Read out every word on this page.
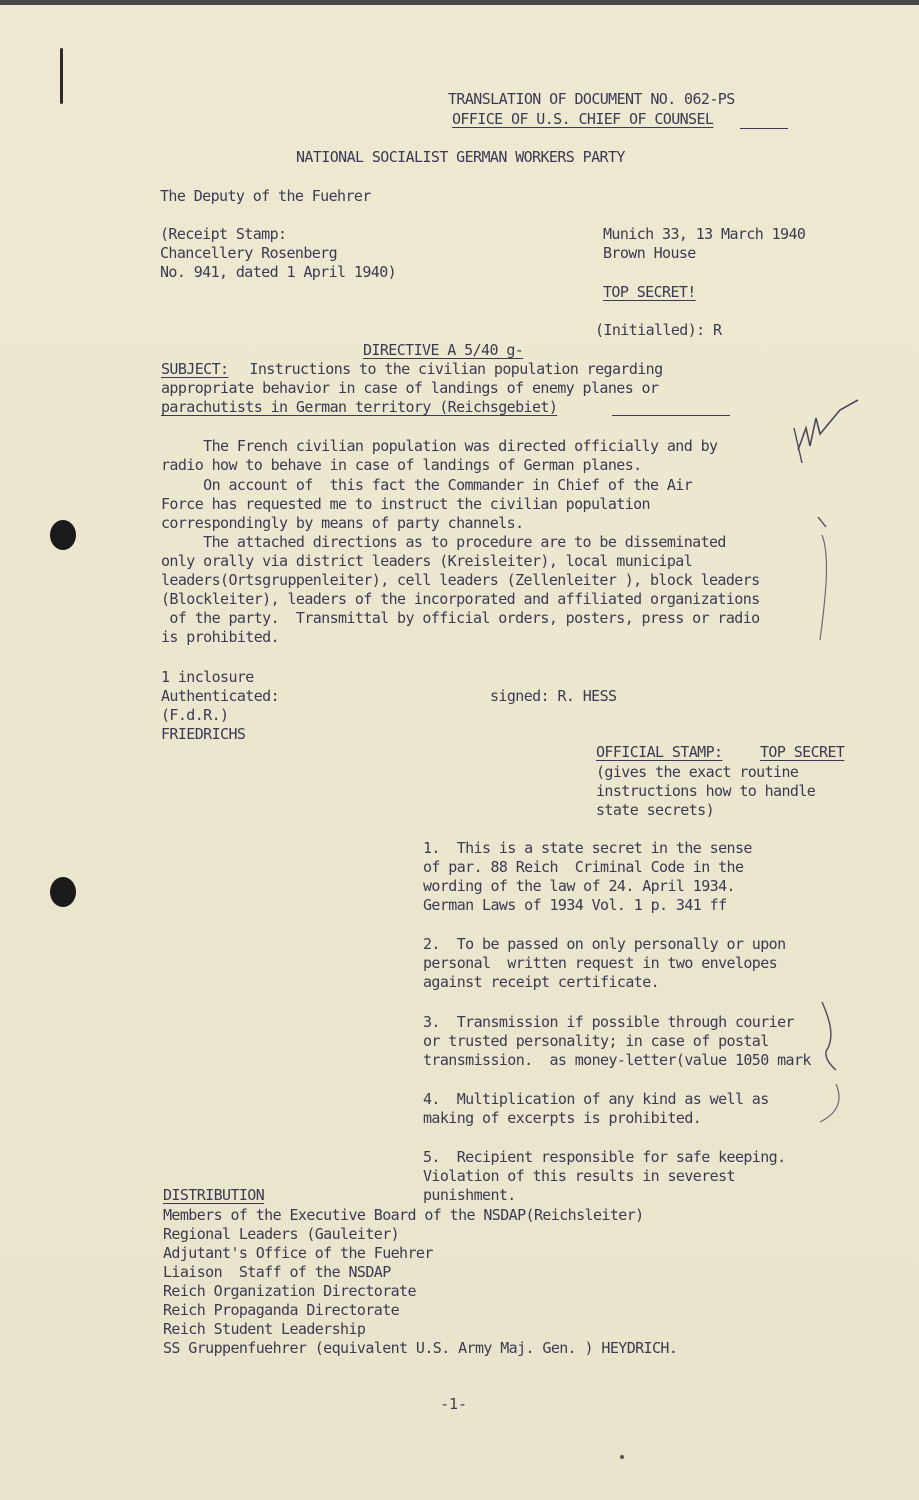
TRANSLATION OF DOCUMENT NO. 062-PS
OFFICE OF U.S. CHIEF OF COUNSEL
NATIONAL SOCIALIST GERMAN WORKERS PARTY
The Deputy of the Fuehrer
(Receipt Stamp:
Chancellery Rosenberg
No. 941, dated 1 April 1940)
Munich 33, 13 March 1940
Brown House
TOP SECRET!
(Initialled): R
DIRECTIVE A 5/40 g-
SUBJECT: Instructions to the civilian population regarding
appropriate behavior in case of landings of enemy planes or
parachutists in German territory (Reichsgebiet)
The French civilian population was directed officially and by
radio how to behave in case of landings of German planes.
On account of  this fact the Commander in Chief of the Air
Force has requested me to instruct the civilian population
correspondingly by means of party channels.
The attached directions as to procedure are to be disseminated
only orally via district leaders (Kreisleiter), local municipal
leaders(Ortsgruppenleiter), cell leaders (Zellenleiter ), block leaders
(Blockleiter), leaders of the incorporated and affiliated organizations
of the party.  Transmittal by official orders, posters, press or radio
is prohibited.
1 inclosure
Authenticated:	signed: R. HESS
(F.d.R.)
FRIEDRICHS
OFFICIAL STAMP:	TOP SECRET
(gives the exact routine
instructions how to handle
state secrets)
1.  This is a state secret in the sense
of par. 88 Reich  Criminal Code in the
wording of the law of 24. April 1934.
German Laws of 1934 Vol. 1 p. 341 ff
2.  To be passed on only personally or upon
personal  written request in two envelopes
against receipt certificate.
3.  Transmission if possible through courier
or trusted personality; in case of postal
transmission.  as money-letter(value 1050 mark
4.  Multiplication of any kind as well as
making of excerpts is prohibited.
5.  Recipient responsible for safe keeping.
Violation of this results in severest
punishment.
DISTRIBUTION
Members of the Executive Board of the NSDAP(Reichsleiter)
Regional Leaders (Gauleiter)
Adjutant's Office of the Fuehrer
Liaison  Staff of the NSDAP
Reich Organization Directorate
Reich Propaganda Directorate
Reich Student Leadership
SS Gruppenfuehrer (equivalent U.S. Army Maj. Gen. ) HEYDRICH.
-1-
